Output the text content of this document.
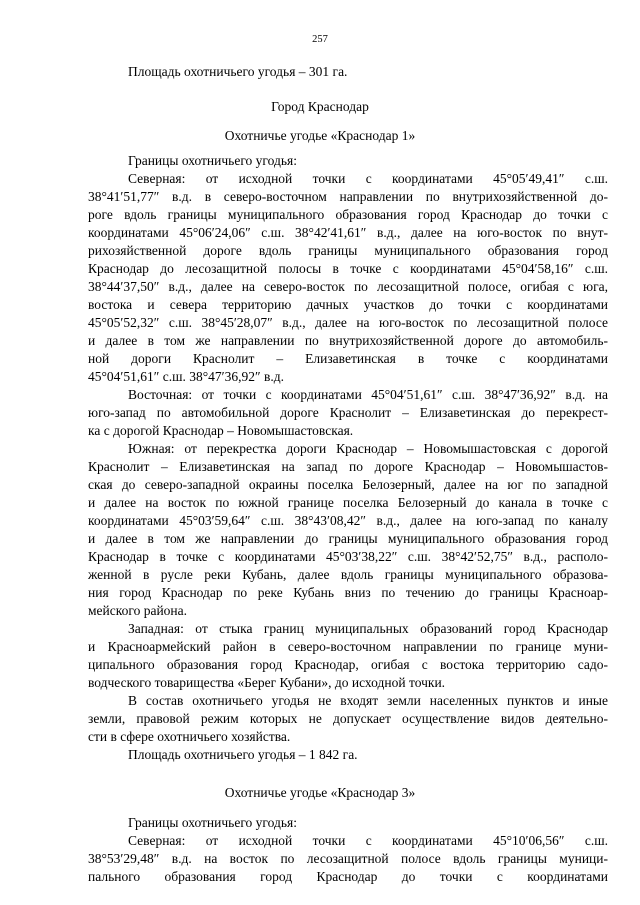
257
Площадь охотничьего угодья – 301 га.
Город Краснодар
Охотничье угодье «Краснодар 1»
Границы охотничьего угодья:
Северная: от исходной точки с координатами 45°05′49,41″ с.ш.
38°41′51,77″ в.д. в северо-восточном направлении по внутрихозяйственной до-
роге вдоль границы муниципального образования город Краснодар до точки с
координатами 45°06′24,06″ с.ш. 38°42′41,61″ в.д., далее на юго-восток по внут-
рихозяйственной дороге вдоль границы муниципального образования город
Краснодар до лесозащитной полосы в точке с координатами 45°04′58,16″ с.ш.
38°44′37,50″ в.д., далее на северо-восток по лесозащитной полосе, огибая с юга,
востока и севера территорию дачных участков до точки с координатами
45°05′52,32″ с.ш. 38°45′28,07″ в.д., далее на юго-восток по лесозащитной полосе
и далее в том же направлении по внутрихозяйственной дороге до автомобиль-
ной дороги Краснолит – Елизаветинская в точке с координатами
45°04′51,61″ с.ш. 38°47′36,92″ в.д.
Восточная: от точки с координатами 45°04′51,61″ с.ш. 38°47′36,92″ в.д. на
юго-запад по автомобильной дороге Краснолит – Елизаветинская до перекрест-
ка с дорогой Краснодар – Новомышастовская.
Южная: от перекрестка дороги Краснодар – Новомышастовская с дорогой
Краснолит – Елизаветинская на запад по дороге Краснодар – Новомышастов-
ская до северо-западной окраины поселка Белозерный, далее на юг по западной
и далее на восток по южной границе поселка Белозерный до канала в точке с
координатами 45°03′59,64″ с.ш. 38°43′08,42″ в.д., далее на юго-запад по каналу
и далее в том же направлении до границы муниципального образования город
Краснодар в точке с координатами 45°03′38,22″ с.ш. 38°42′52,75″ в.д., располо-
женной в русле реки Кубань, далее вдоль границы муниципального образова-
ния город Краснодар по реке Кубань вниз по течению до границы Красноар-
мейского района.
Западная: от стыка границ муниципальных образований город Краснодар
и Красноармейский район в северо-восточном направлении по границе муни-
ципального образования город Краснодар, огибая с востока территорию садо-
водческого товарищества «Берег Кубани», до исходной точки.
В состав охотничьего угодья не входят земли населенных пунктов и иные
земли, правовой режим которых не допускает осуществление видов деятельно-
сти в сфере охотничьего хозяйства.
Площадь охотничьего угодья – 1 842 га.
Охотничье угодье «Краснодар 3»
Границы охотничьего угодья:
Северная: от исходной точки с координатами 45°10′06,56″ с.ш.
38°53′29,48″ в.д. на восток по лесозащитной полосе вдоль границы муници-
пального образования город Краснодар до точки с координатами
